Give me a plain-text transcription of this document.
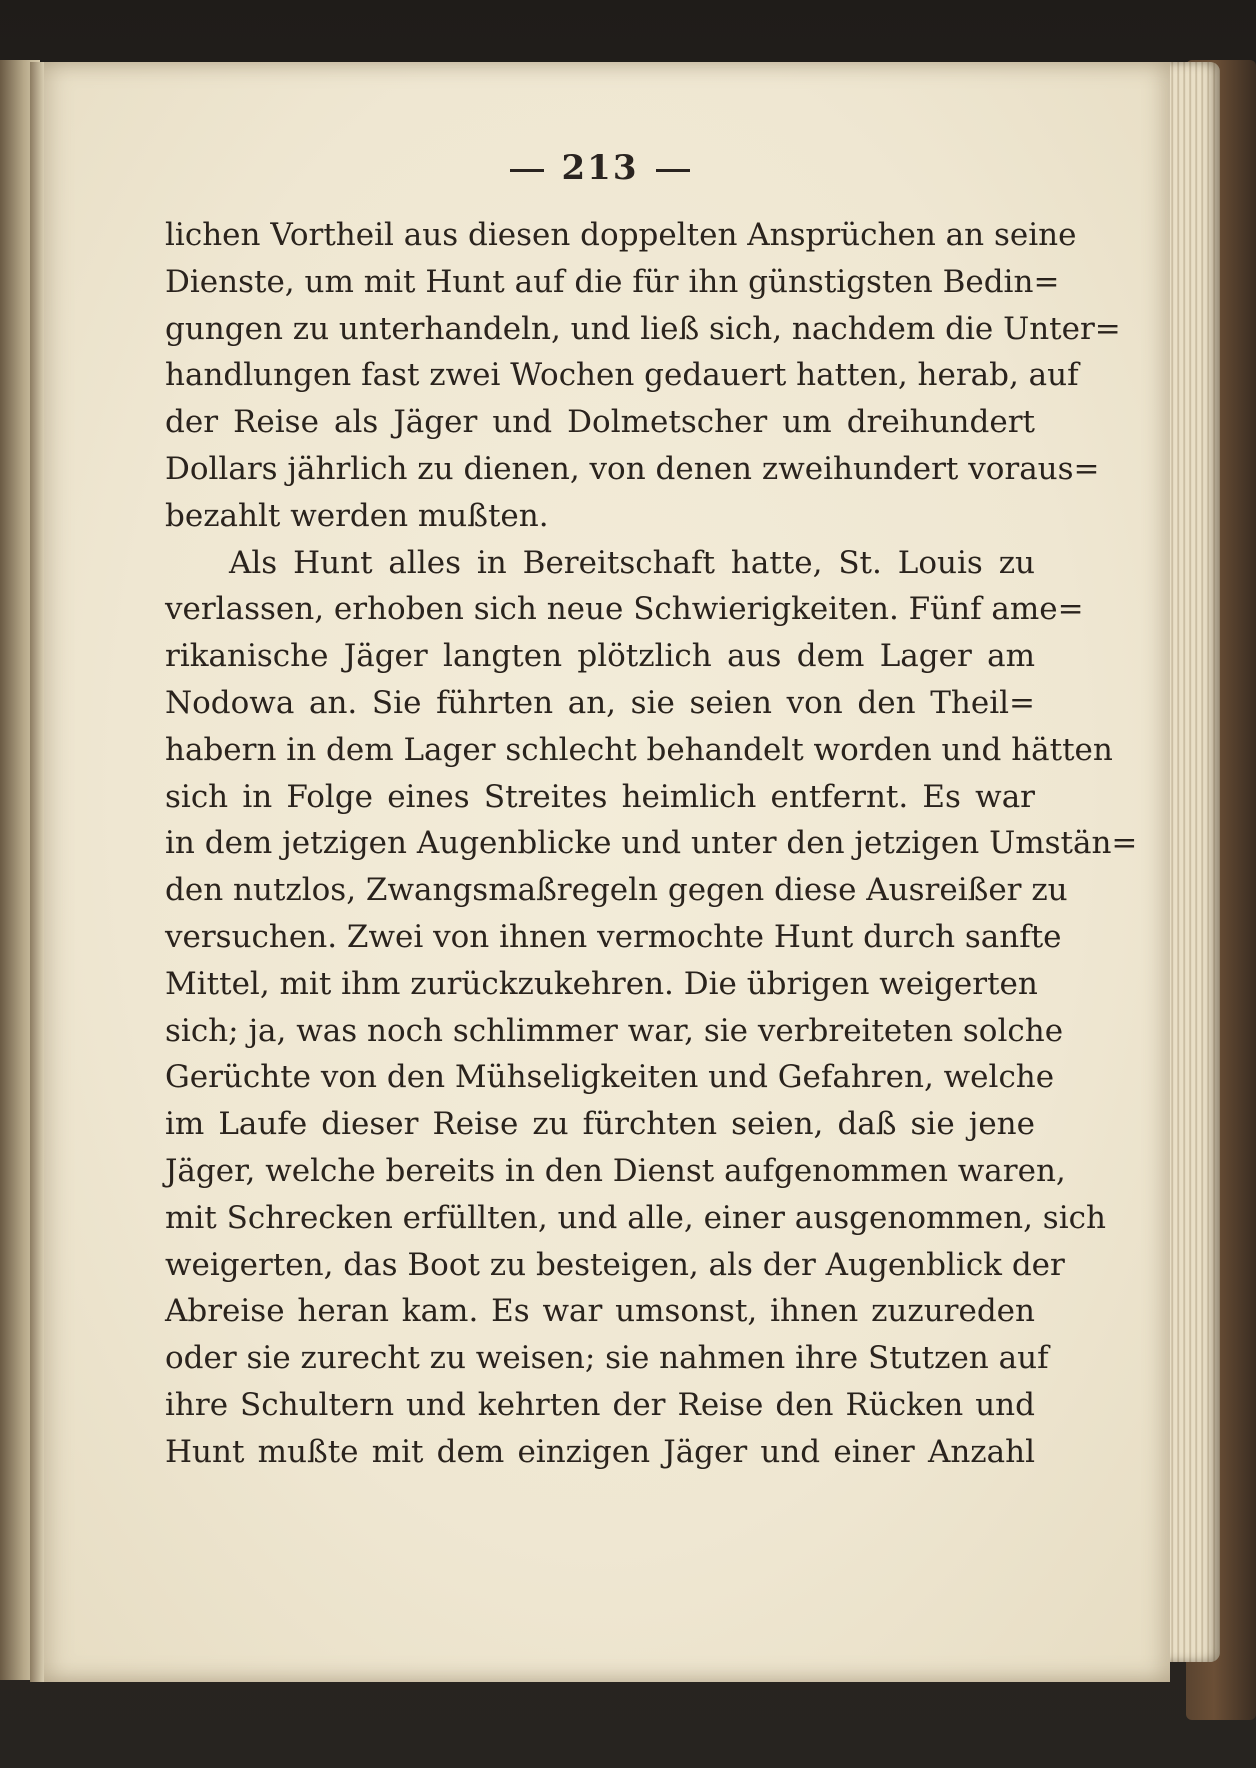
213
lichen Vortheil aus diesen doppelten Ansprüchen an seine
Dienste, um mit Hunt auf die für ihn günstigsten Bedin=
gungen zu unterhandeln, und ließ sich, nachdem die Unter=
handlungen fast zwei Wochen gedauert hatten, herab, auf
der Reise als Jäger und Dolmetscher um dreihundert
Dollars jährlich zu dienen, von denen zweihundert voraus=
bezahlt werden mußten.
Als Hunt alles in Bereitschaft hatte, St. Louis zu
verlassen, erhoben sich neue Schwierigkeiten. Fünf ame=
rikanische Jäger langten plötzlich aus dem Lager am
Nodowa an. Sie führten an, sie seien von den Theil=
habern in dem Lager schlecht behandelt worden und hätten
sich in Folge eines Streites heimlich entfernt. Es war
in dem jetzigen Augenblicke und unter den jetzigen Umstän=
den nutzlos, Zwangsmaßregeln gegen diese Ausreißer zu
versuchen. Zwei von ihnen vermochte Hunt durch sanfte
Mittel, mit ihm zurückzukehren. Die übrigen weigerten
sich; ja, was noch schlimmer war, sie verbreiteten solche
Gerüchte von den Mühseligkeiten und Gefahren, welche
im Laufe dieser Reise zu fürchten seien, daß sie jene
Jäger, welche bereits in den Dienst aufgenommen waren,
mit Schrecken erfüllten, und alle, einer ausgenommen, sich
weigerten, das Boot zu besteigen, als der Augenblick der
Abreise heran kam. Es war umsonst, ihnen zuzureden
oder sie zurecht zu weisen; sie nahmen ihre Stutzen auf
ihre Schultern und kehrten der Reise den Rücken und
Hunt mußte mit dem einzigen Jäger und einer Anzahl
